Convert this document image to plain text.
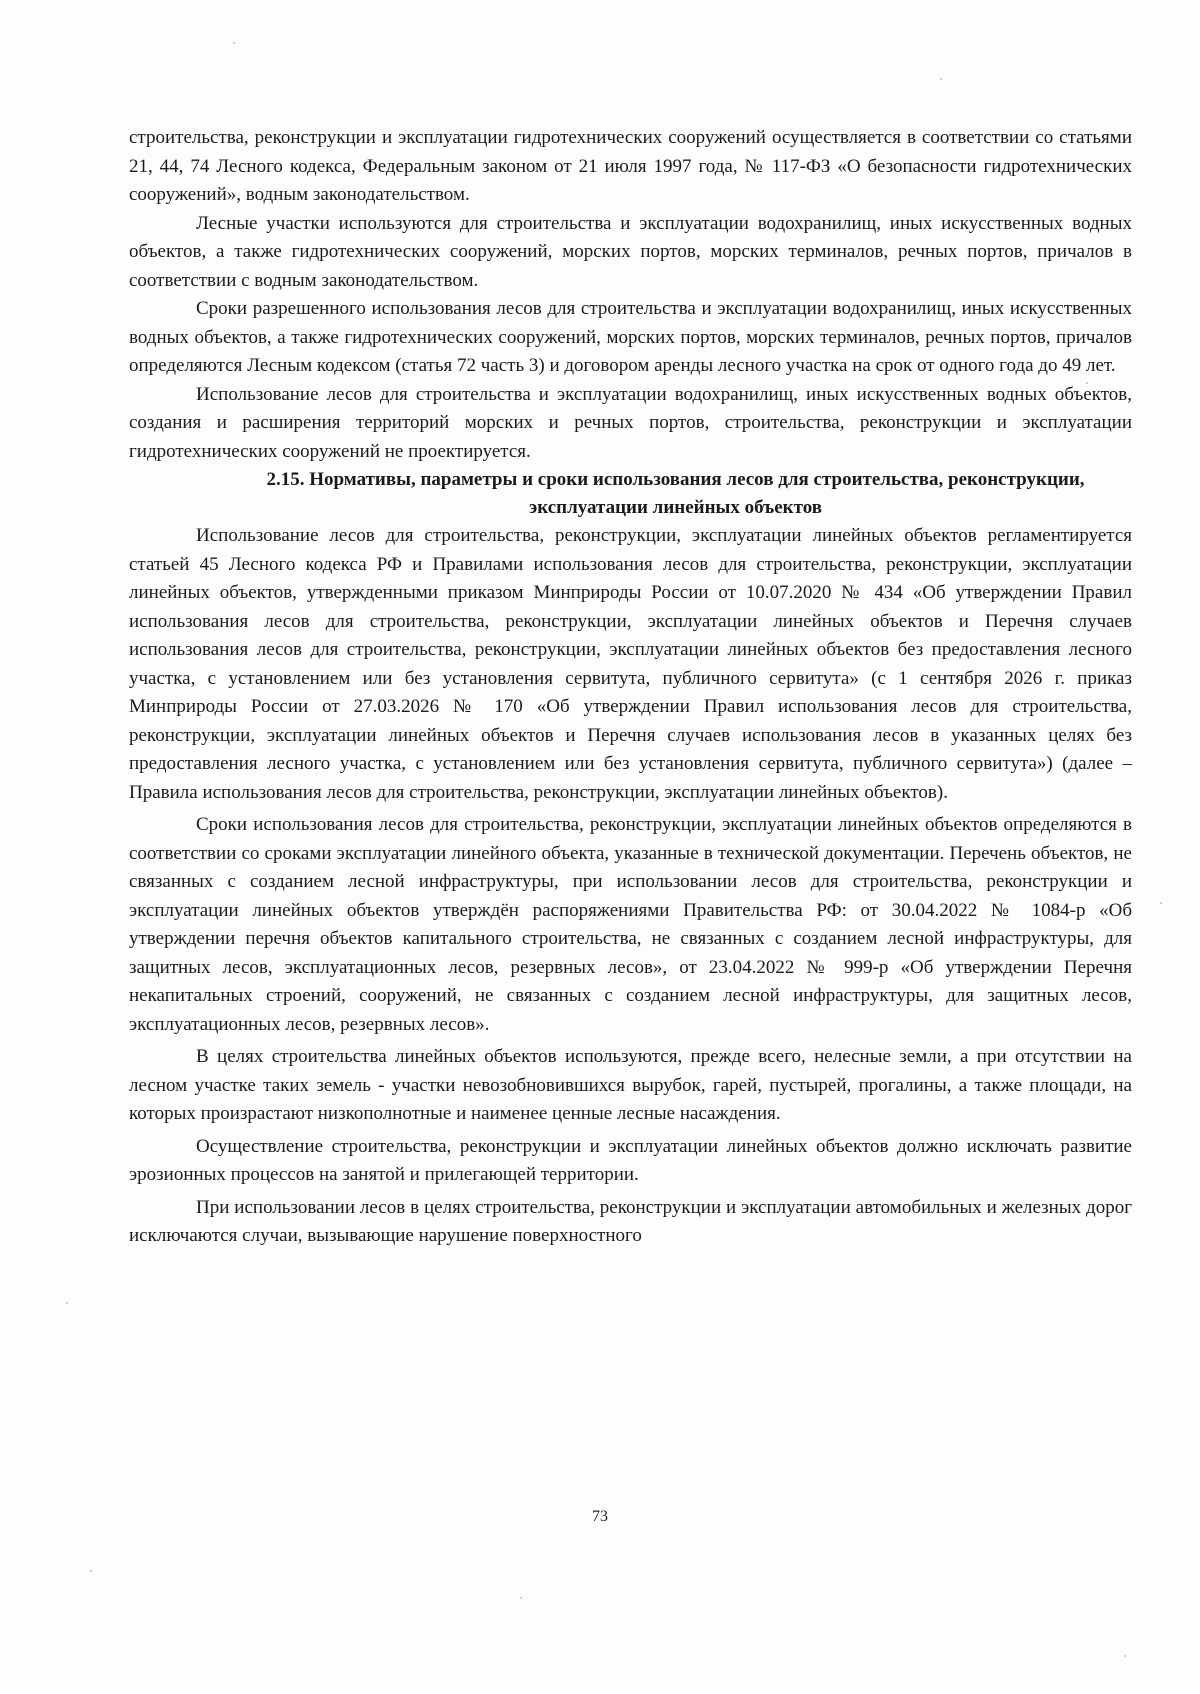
строительства, реконструкции и эксплуатации гидротехнических сооружений осуществляется в соответствии со статьями 21, 44, 74 Лесного кодекса, Федеральным законом от 21 июля 1997 года, № 117-ФЗ «О безопасности гидротехнических сооружений», водным законодательством.

Лесные участки используются для строительства и эксплуатации водохранилищ, иных искусственных водных объектов, а также гидротехнических сооружений, морских портов, морских терминалов, речных портов, причалов в соответствии с водным законодательством.

Сроки разрешенного использования лесов для строительства и эксплуатации водохранилищ, иных искусственных водных объектов, а также гидротехнических сооружений, морских портов, морских терминалов, речных портов, причалов определяются Лесным кодексом (статья 72 часть 3) и договором аренды лесного участка на срок от одного года до 49 лет.

Использование лесов для строительства и эксплуатации водохранилищ, иных искусственных водных объектов, создания и расширения территорий морских и речных портов, строительства, реконструкции и эксплуатации гидротехнических сооружений не проектируется.

2.15. Нормативы, параметры и сроки использования лесов для строительства, реконструкции, эксплуатации линейных объектов

Использование лесов для строительства, реконструкции, эксплуатации линейных объектов регламентируется статьей 45 Лесного кодекса РФ и Правилами использования лесов для строительства, реконструкции, эксплуатации линейных объектов, утвержденными приказом Минприроды России от 10.07.2020 № 434 «Об утверждении Правил использования лесов для строительства, реконструкции, эксплуатации линейных объектов и Перечня случаев использования лесов для строительства, реконструкции, эксплуатации линейных объектов без предоставления лесного участка, с установлением или без установления сервитута, публичного сервитута» (с 1 сентября 2026 г. приказ Минприроды России от 27.03.2026 № 170 «Об утверждении Правил использования лесов для строительства, реконструкции, эксплуатации линейных объектов и Перечня случаев использования лесов в указанных целях без предоставления лесного участка, с установлением или без установления сервитута, публичного сервитута») (далее – Правила использования лесов для строительства, реконструкции, эксплуатации линейных объектов).

Сроки использования лесов для строительства, реконструкции, эксплуатации линейных объектов определяются в соответствии со сроками эксплуатации линейного объекта, указанные в технической документации. Перечень объектов, не связанных с созданием лесной инфраструктуры, при использовании лесов для строительства, реконструкции и эксплуатации линейных объектов утверждён распоряжениями Правительства РФ: от 30.04.2022 № 1084-р «Об утверждении перечня объектов капитального строительства, не связанных с созданием лесной инфраструктуры, для защитных лесов, эксплуатационных лесов, резервных лесов», от 23.04.2022 № 999-р «Об утверждении Перечня некапитальных строений, сооружений, не связанных с созданием лесной инфраструктуры, для защитных лесов, эксплуатационных лесов, резервных лесов».

В целях строительства линейных объектов используются, прежде всего, нелесные земли, а при отсутствии на лесном участке таких земель - участки невозобновившихся вырубок, гарей, пустырей, прогалины, а также площади, на которых произрастают низкополнотные и наименее ценные лесные насаждения.

Осуществление строительства, реконструкции и эксплуатации линейных объектов должно исключать развитие эрозионных процессов на занятой и прилегающей территории.

При использовании лесов в целях строительства, реконструкции и эксплуатации автомобильных и железных дорог исключаются случаи, вызывающие нарушение поверхностного

73
